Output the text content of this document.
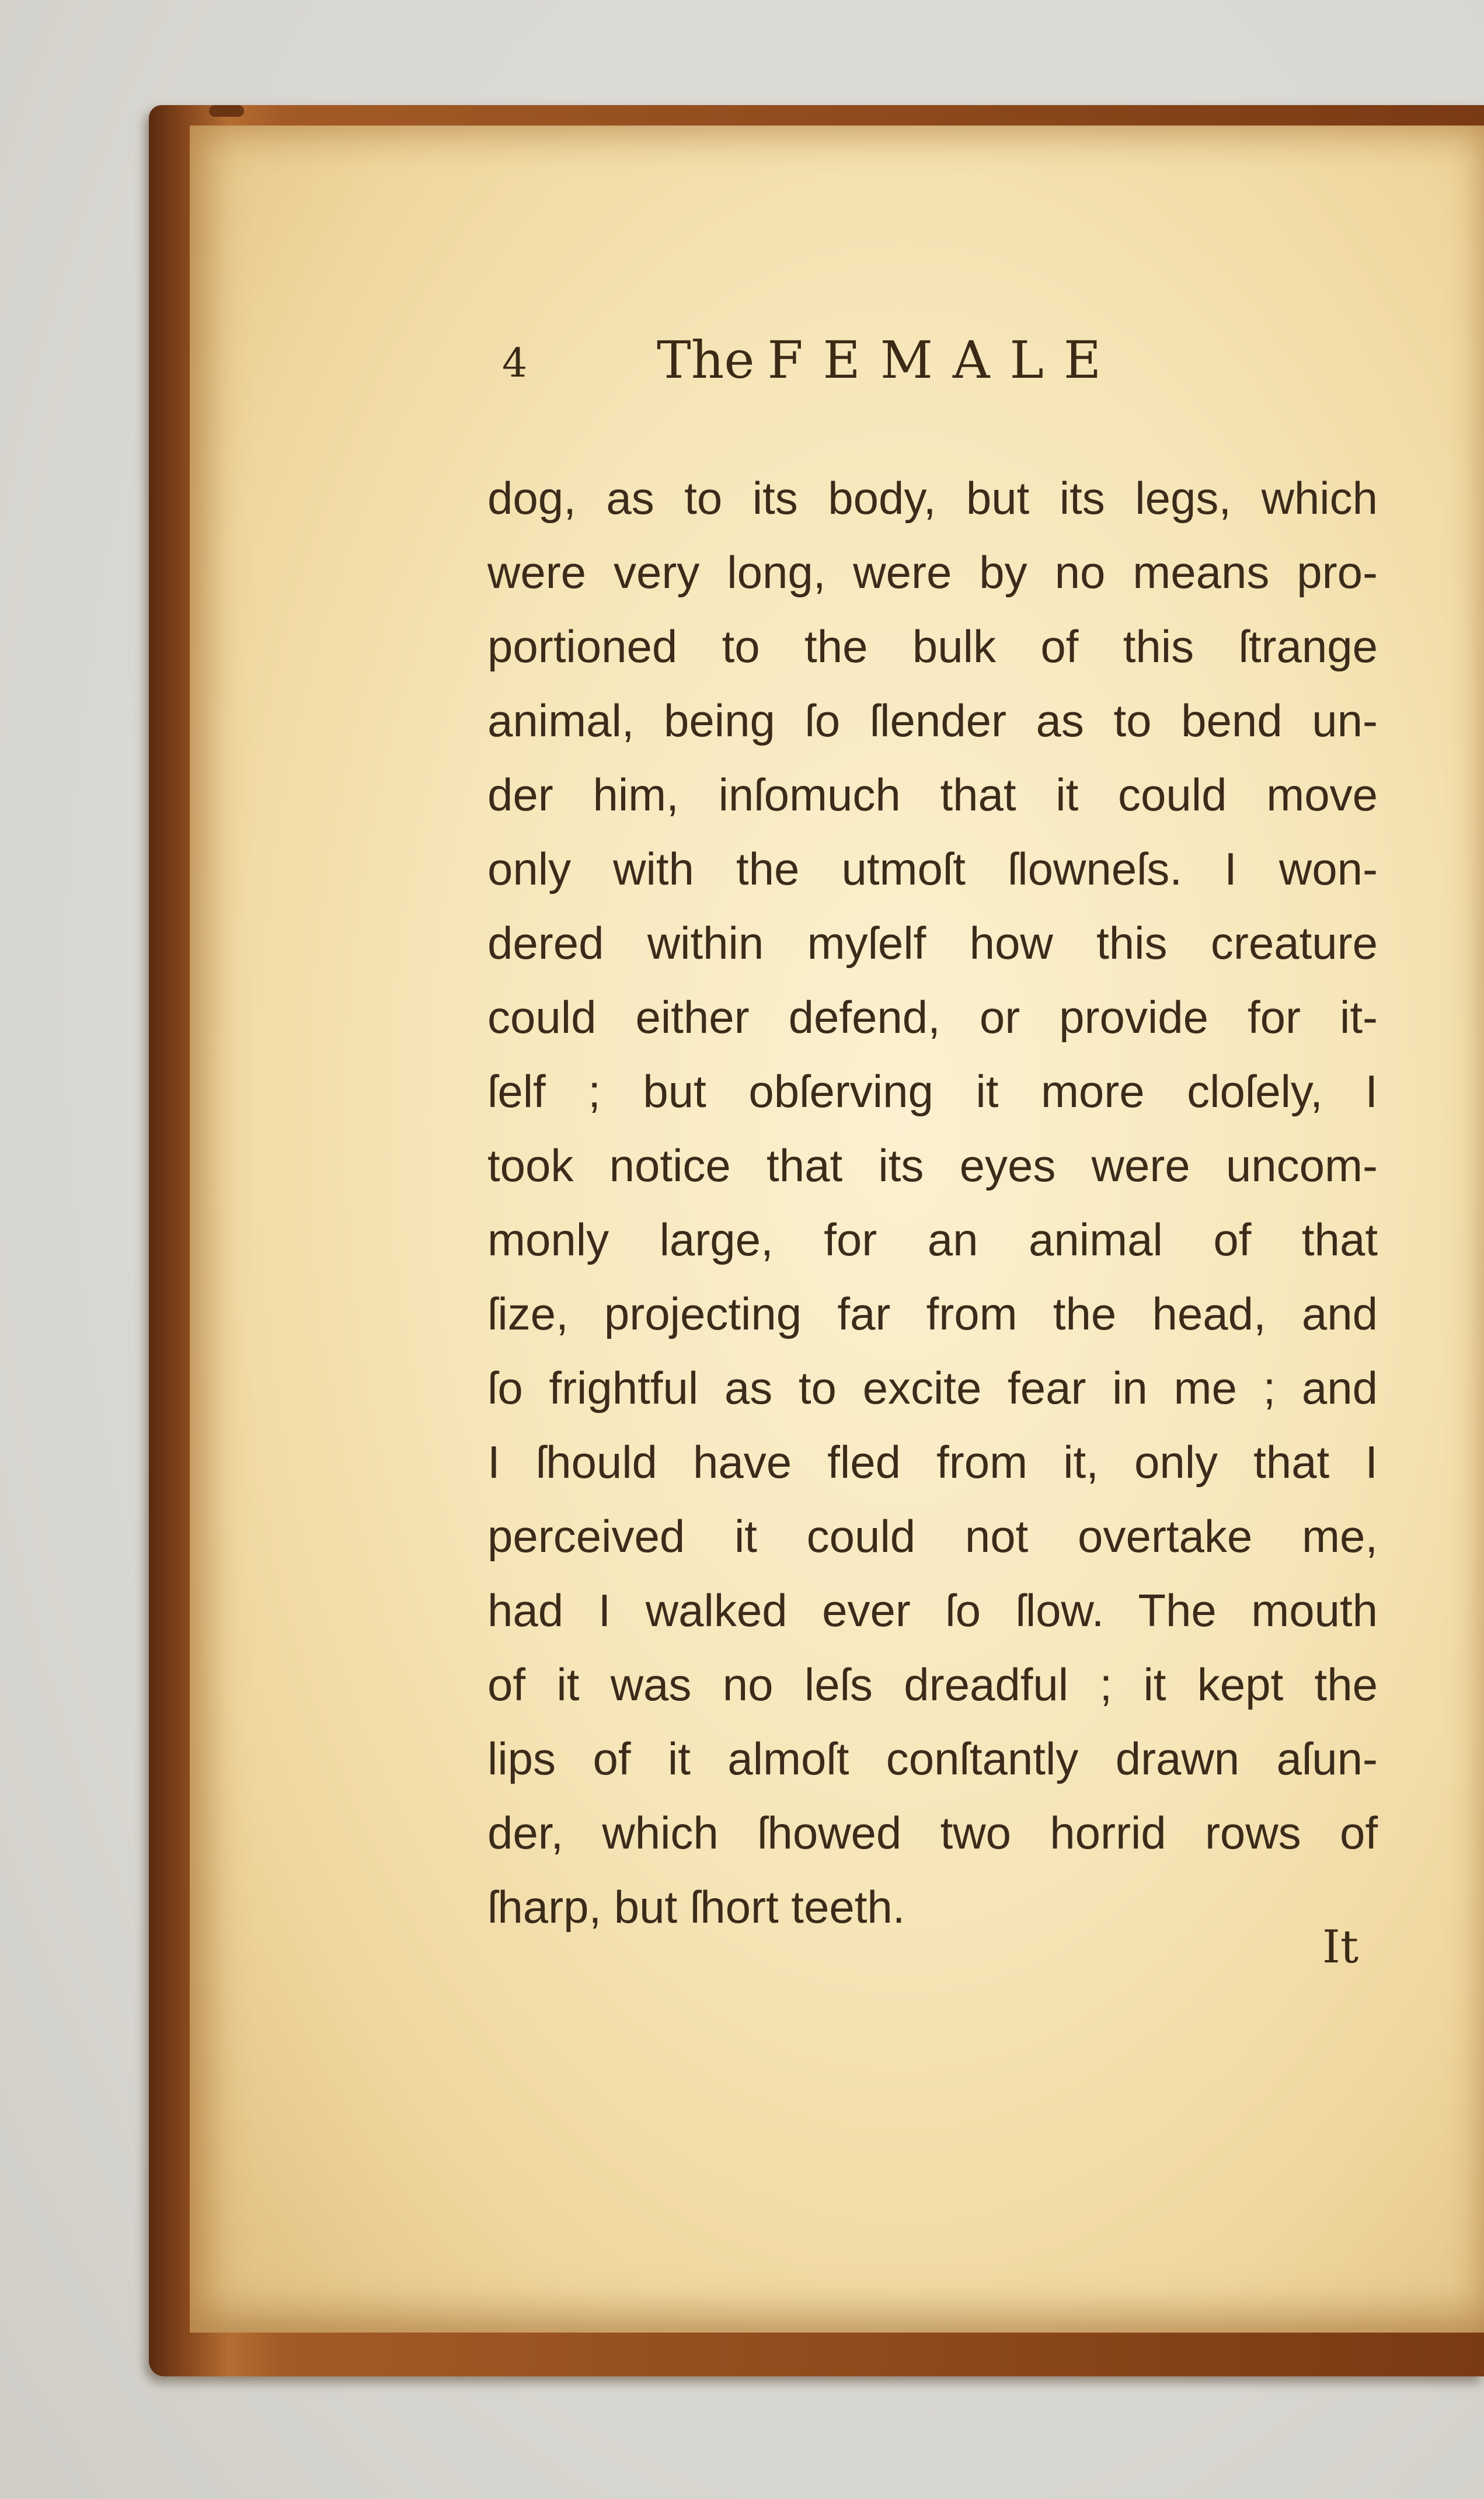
4	The FEMALE
dog, as to its body, but its legs, which
were very long, were by no means pro-
portioned to the bulk of this ſtrange
animal, being ſo ſlender as to bend un-
der him, inſomuch that it could move
only with the utmoſt ſlowneſs. I won-
dered within myſelf how this creature
could either defend, or provide for it-
ſelf ; but obſerving it more cloſely, I
took notice that its eyes were uncom-
monly large, for an animal of that
ſize, projecting far from the head, and
ſo frightful as to excite fear in me ; and
I ſhould have fled from it, only that I
perceived it could not overtake me,
had I walked ever ſo ſlow. The mouth
of it was no leſs dreadful ; it kept the
lips of it almoſt conſtantly drawn aſun-
der, which ſhowed two horrid rows of
ſharp, but ſhort teeth.
It
